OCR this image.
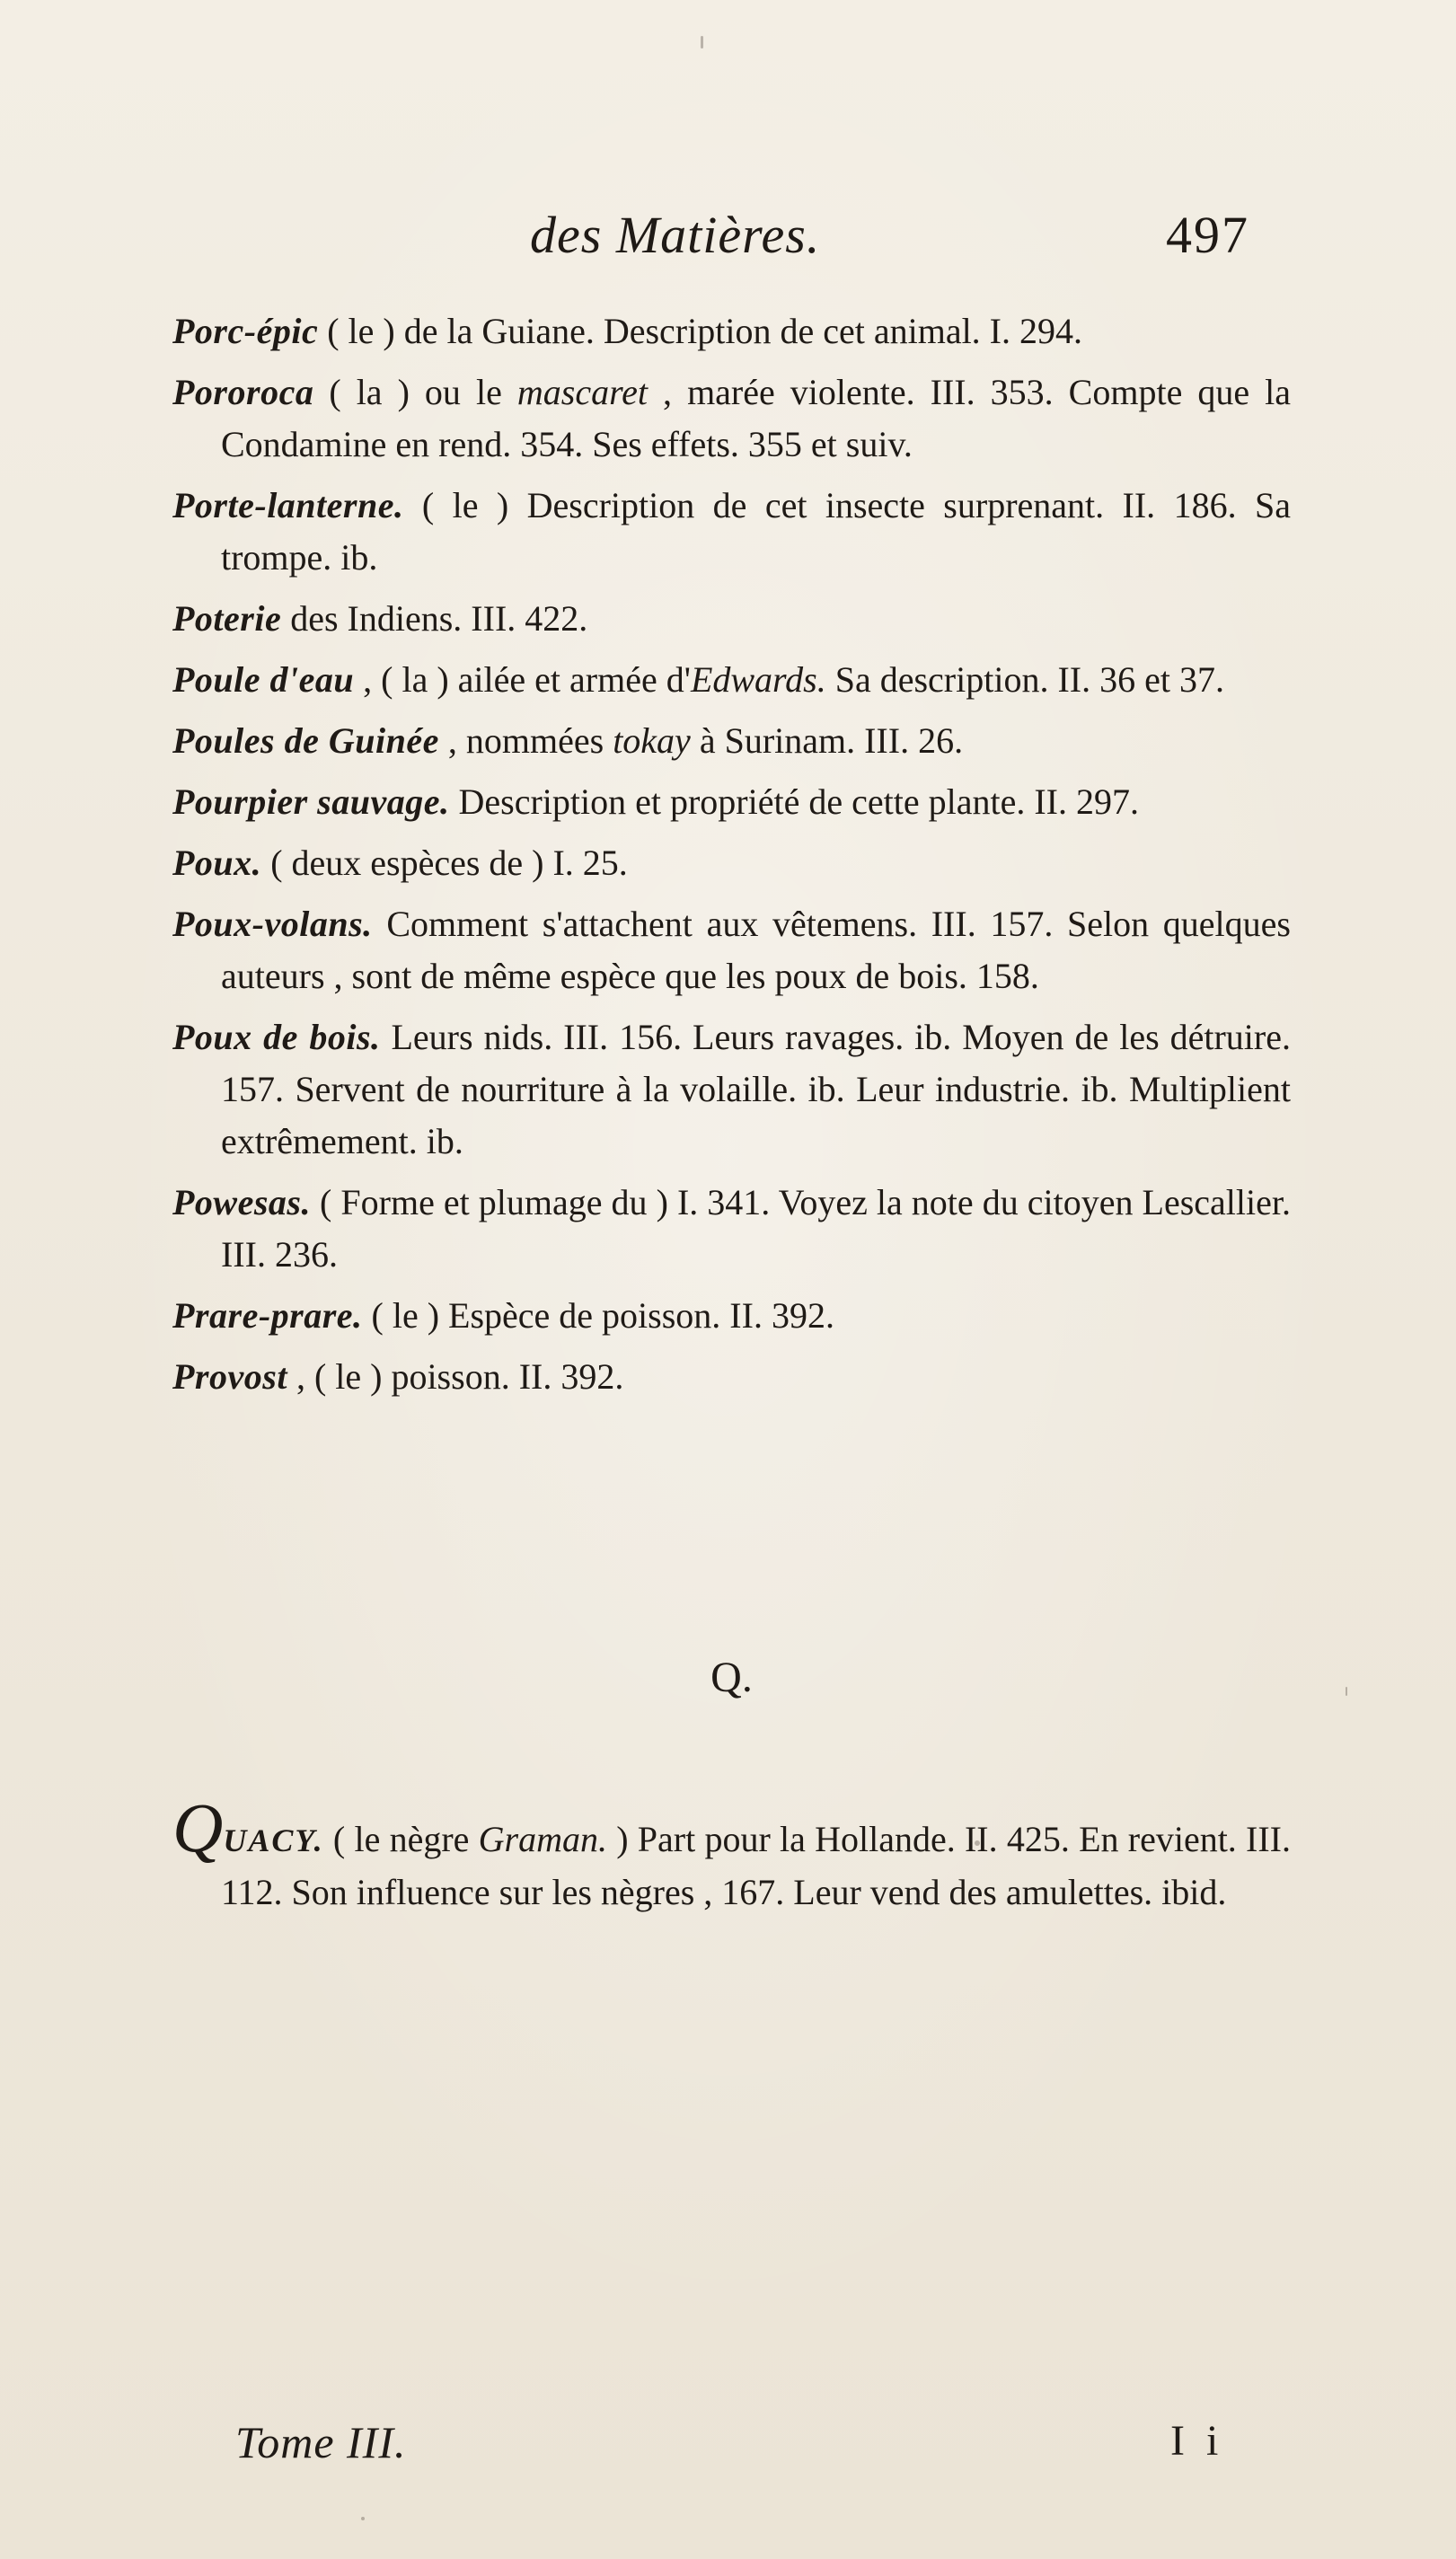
des Matières.	497

Porc-épic ( le ) de la Guiane. Description de cet animal. I. 294.

Pororoca ( la ) ou le mascaret , marée violente. III. 353. Compte que la Condamine en rend. 354. Ses effets. 355 et suiv.

Porte-lanterne. ( le ) Description de cet insecte surprenant. II. 186. Sa trompe. ib.

Poterie des Indiens. III. 422.

Poule d'eau , ( la ) ailée et armée d'Edwards. Sa description. II. 36 et 37.

Poules de Guinée , nommées tokay à Surinam. III. 26.

Pourpier sauvage. Description et propriété de cette plante. II. 297.

Poux. ( deux espèces de ) I. 25.

Poux-volans. Comment s'attachent aux vêtemens. III. 157. Selon quelques auteurs , sont de même espèce que les poux de bois. 158.

Poux de bois. Leurs nids. III. 156. Leurs ravages. ib. Moyen de les détruire. 157. Servent de nourriture à la volaille. ib. Leur industrie. ib. Multiplient extrêmement. ib.

Powesas. ( Forme et plumage du ) I. 341. Voyez la note du citoyen Lescallier. III. 236.

Prare-prare. ( le ) Espèce de poisson. II. 392.

Provost , ( le ) poisson. II. 392.

Q.

QUACY. ( le nègre Graman. ) Part pour la Hollande. II. 425. En revient. III. 112. Son influence sur les nègres , 167. Leur vend des amulettes. ibid.

Tome III.	I i
